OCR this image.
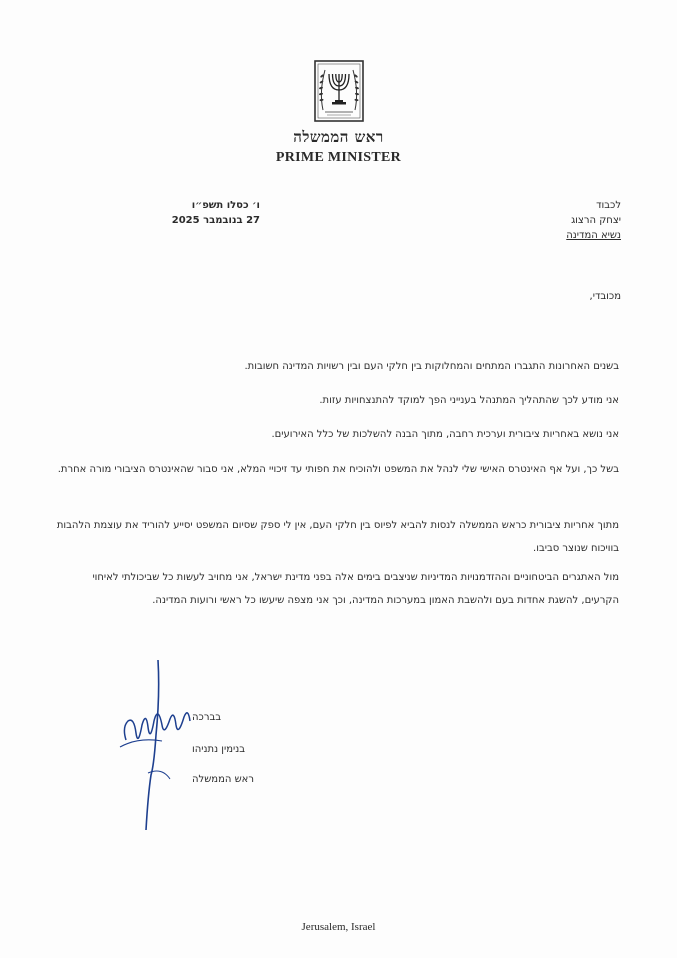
ראש הממשלה
PRIME MINISTER
ו׳ כסלו תשפ״ו
27 בנובמבר 2025
לכבוד
יצחק הרצוג
נשיא המדינה
מכובדי,
בשנים האחרונות התגברו המתחים והמחלוקות בין חלקי העם ובין רשויות המדינה חשובות.
אני מודע לכך שהתהליך המתנהל בענייני הפך למוקד להתנצחויות עזות.
אני נושא באחריות ציבורית וערכית רחבה, מתוך הבנה להשלכות של כלל האירועים.
בשל כך, ועל אף האינטרס האישי שלי לנהל את המשפט ולהוכיח את חפותי עד זיכויי המלא, אני סבור שהאינטרס הציבורי מורה אחרת.
מתוך אחריות ציבורית כראש הממשלה לנסות להביא לפיוס בין חלקי העם, אין לי ספק שסיום המשפט יסייע להוריד את עוצמת הלהבות בוויכוח שנוצר סביבו.
מול האתגרים הביטחוניים וההזדמנויות המדיניות שניצבים בימים אלה בפני מדינת ישראל, אני מחויב לעשות כל שביכולתי לאיחוי הקרעים, להשגת אחדות בעם ולהשבת האמון במערכות המדינה, וכך אני מצפה שיעשו כל ראשי ורועות המדינה.
בברכה
בנימין נתניהו
ראש הממשלה
Jerusalem, Israel
